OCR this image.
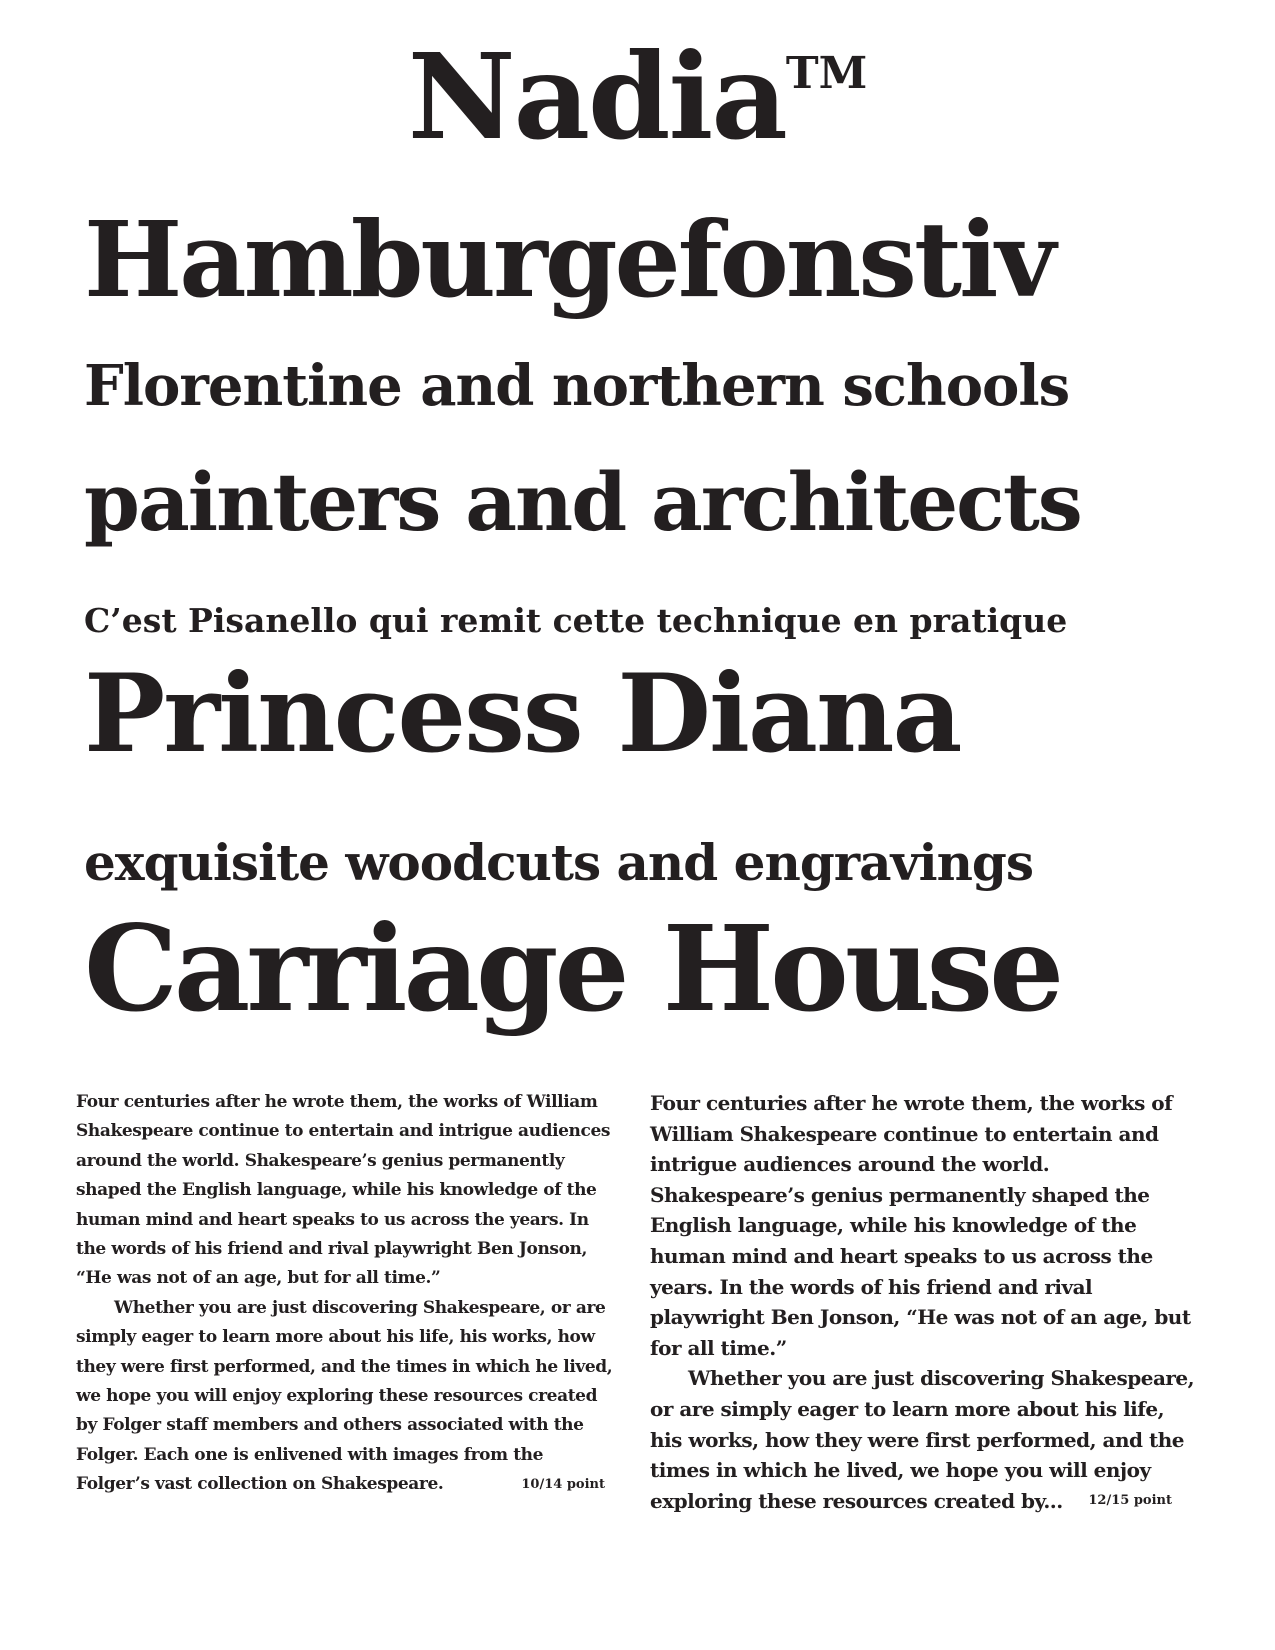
Nadia™
Hamburgefonstiv
Florentine and northern schools
painters and architects
C’est Pisanello qui remit cette technique en pratique
Princess Diana
exquisite woodcuts and engravings
Carriage House

Four centuries after he wrote them, the works of William Shakespeare continue to entertain and intrigue audiences around the world. Shakespeare’s genius permanently shaped the English language, while his knowledge of the human mind and heart speaks to us across the years. In the words of his friend and rival playwright Ben Jonson, “He was not of an age, but for all time.”

Whether you are just discovering Shakespeare, or are simply eager to learn more about his life, his works, how they were first performed, and the times in which he lived, we hope you will enjoy exploring these resources created by Folger staff members and others associated with the Folger. Each one is enlivened with images from the Folger’s vast collection on Shakespeare.	10/14 point

Four centuries after he wrote them, the works of William Shakespeare continue to entertain and intrigue audiences around the world. Shakespeare’s genius permanently shaped the English language, while his knowledge of the human mind and heart speaks to us across the years. In the words of his friend and rival playwright Ben Jonson, “He was not of an age, but for all time.”

Whether you are just discovering Shakespeare, or are simply eager to learn more about his life, his works, how they were first performed, and the times in which he lived, we hope you will enjoy exploring these resources created by...	12/15 point
